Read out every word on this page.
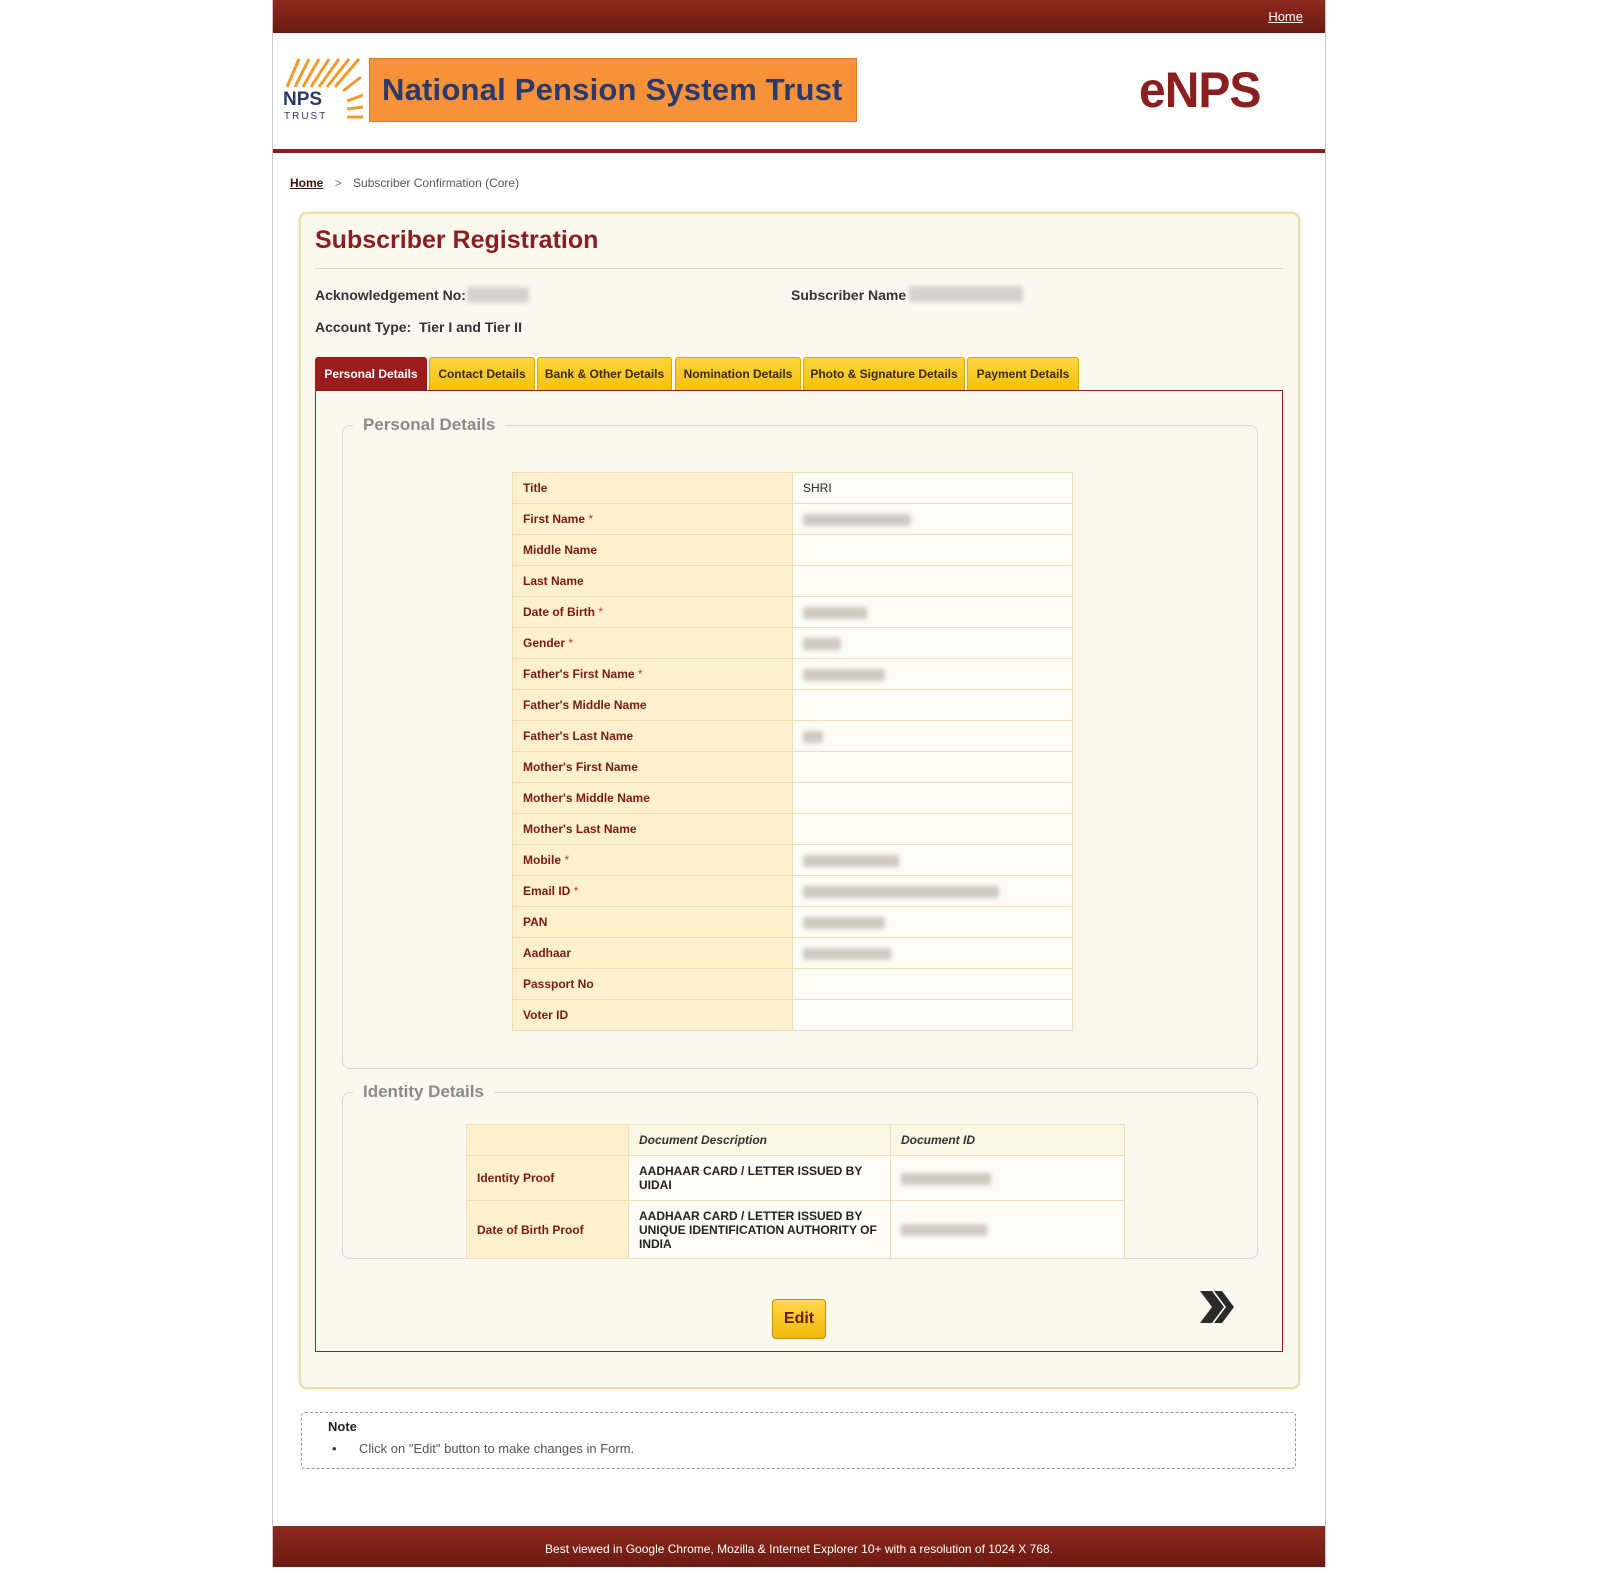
Home
NPS
TRUST
National Pension System Trust	eNPS
Home > Subscriber Confirmation (Core)
Subscriber Registration
Acknowledgement No:	Subscriber Name
Account Type: Tier I and Tier II
Personal Details	Contact Details	Bank & Other Details	Nomination Details	Photo & Signature Details	Payment Details
Personal Details
Title	SHRI
First Name *	
Middle Name	
Last Name	
Date of Birth *	
Gender *	
Father's First Name *	
Father's Middle Name	
Father's Last Name	
Mother's First Name	
Mother's Middle Name	
Mother's Last Name	
Mobile *	
Email ID *	
PAN	
Aadhaar	
Passport No	
Voter ID	
Identity Details
	Document Description	Document ID
Identity Proof	AADHAAR CARD / LETTER ISSUED BY UIDAI	
Date of Birth Proof	AADHAAR CARD / LETTER ISSUED BY UNIQUE IDENTIFICATION AUTHORITY OF INDIA	
Edit
Note
• Click on "Edit" button to make changes in Form.
Best viewed in Google Chrome, Mozilla & Internet Explorer 10+ with a resolution of 1024 X 768.
